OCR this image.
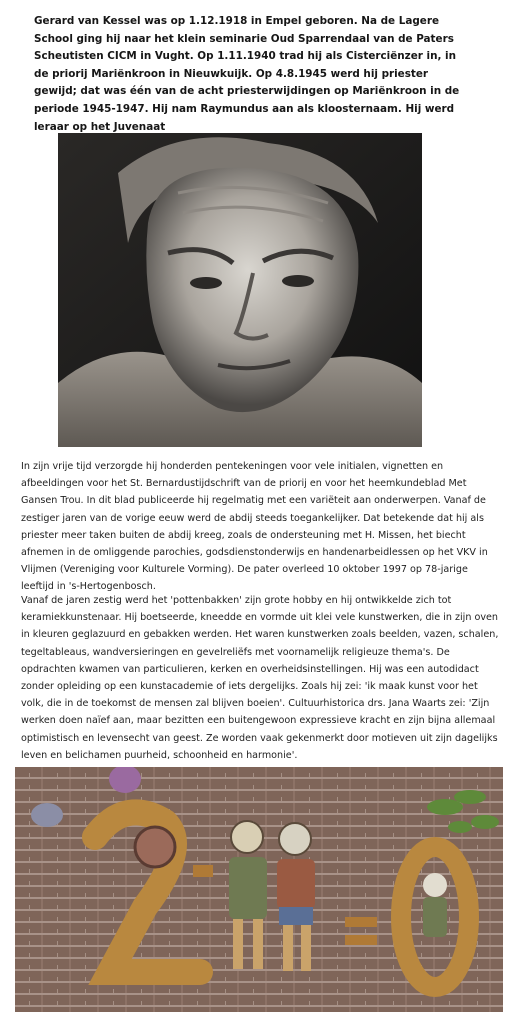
Gerard van Kessel was op 1.12.1918 in Empel geboren. Na de Lagere School ging hij naar het klein seminarie Oud Sparrendaal van de Paters Scheutisten CICM in Vught. Op 1.11.1940 trad hij als Cisterciënzer in, in de priorij Mariënkroon in Nieuwkuijk. Op 4.8.1945 werd hij priester gewijd; dat was één van de acht priesterwijdingen op Mariënkroon in de periode 1945-1947. Hij nam Raymundus aan als kloosternaam. Hij werd leraar op het Juvenaat

In zijn vrije tijd verzorgde hij honderden pentekeningen voor vele initialen, vignetten en afbeeldingen voor het St. Bernardustijdschrift van de priorij en voor het heemkundeblad Met Gansen Trou. In dit blad publiceerde hij regelmatig met een variëteit aan onderwerpen. Vanaf de zestiger jaren van de vorige eeuw werd de abdij steeds toegankelijker. Dat betekende dat hij als priester meer taken buiten de abdij kreeg, zoals de ondersteuning met H. Missen, het biecht afnemen in de omliggende parochies, godsdienstonderwijs en handenarbeidlessen op het VKV in Vlijmen (Vereniging voor Kulturele Vorming). De pater overleed 10 oktober 1997 op 78-jarige leeftijd in 's-Hertogenbosch.

Vanaf de jaren zestig werd het 'pottenbakken' zijn grote hobby en hij ontwikkelde zich tot keramiekkunstenaar. Hij boetseerde, kneedde en vormde uit klei vele kunstwerken, die in zijn oven in kleuren geglazuurd en gebakken werden. Het waren kunstwerken zoals beelden, vazen, schalen, tegeltableaus, wandversieringen en gevelreliëfs met voornamelijk religieuze thema's. De opdrachten kwamen van particulieren, kerken en overheidsinstellingen. Hij was een autodidact zonder opleiding op een kunstacademie of iets dergelijks. Zoals hij zei: 'ik maak kunst voor het volk, die in de toekomst de mensen zal blijven boeien'. Cultuurhistorica drs. Jana Waarts zei: 'Zijn werken doen naïef aan, maar bezitten een buitengewoon expressieve kracht en zijn bijna allemaal optimistisch en levensecht van geest. Ze worden vaak gekenmerkt door motieven uit zijn dagelijks leven en belichamen puurheid, schoonheid en harmonie'.
